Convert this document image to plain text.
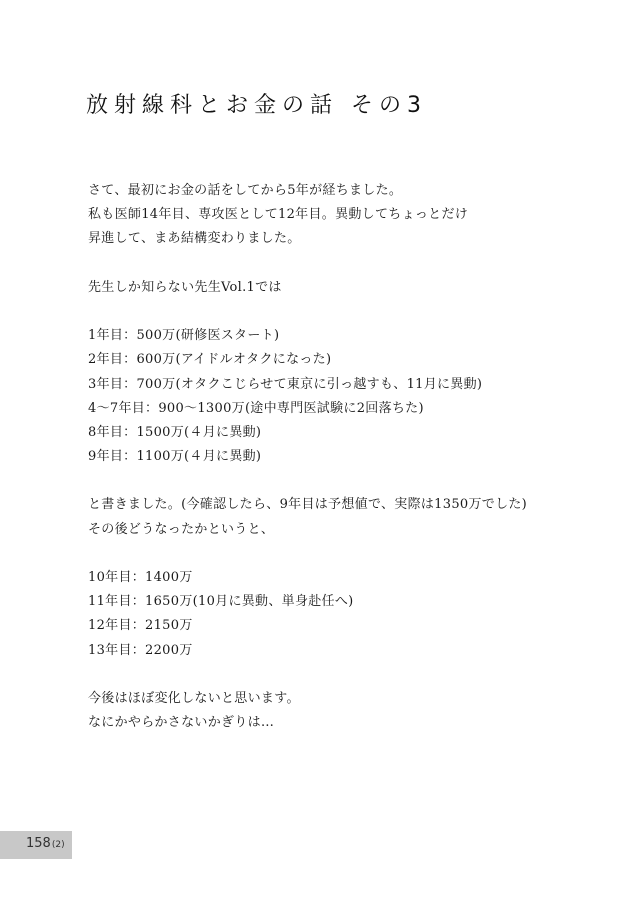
放射線科とお金の話 その3
さて、最初にお金の話をしてから5年が経ちました。
私も医師14年目、専攻医として12年目。異動してちょっとだけ
昇進して、まあ結構変わりました。
先生しか知らない先生Vol.1では
1年目：500万(研修医スタート)
2年目：600万(アイドルオタクになった)
3年目：700万(オタクこじらせて東京に引っ越すも、11月に異動)
4〜7年目：900〜1300万(途中専門医試験に2回落ちた)
8年目：1500万(４月に異動)
9年目：1100万(４月に異動)
と書きました。(今確認したら、9年目は予想値で、実際は1350万でした)
その後どうなったかというと、
10年目：1400万
11年目：1650万(10月に異動、単身赴任へ)
12年目：2150万
13年目：2200万
今後はほぼ変化しないと思います。
なにかやらかさないかぎりは…
158(2)
